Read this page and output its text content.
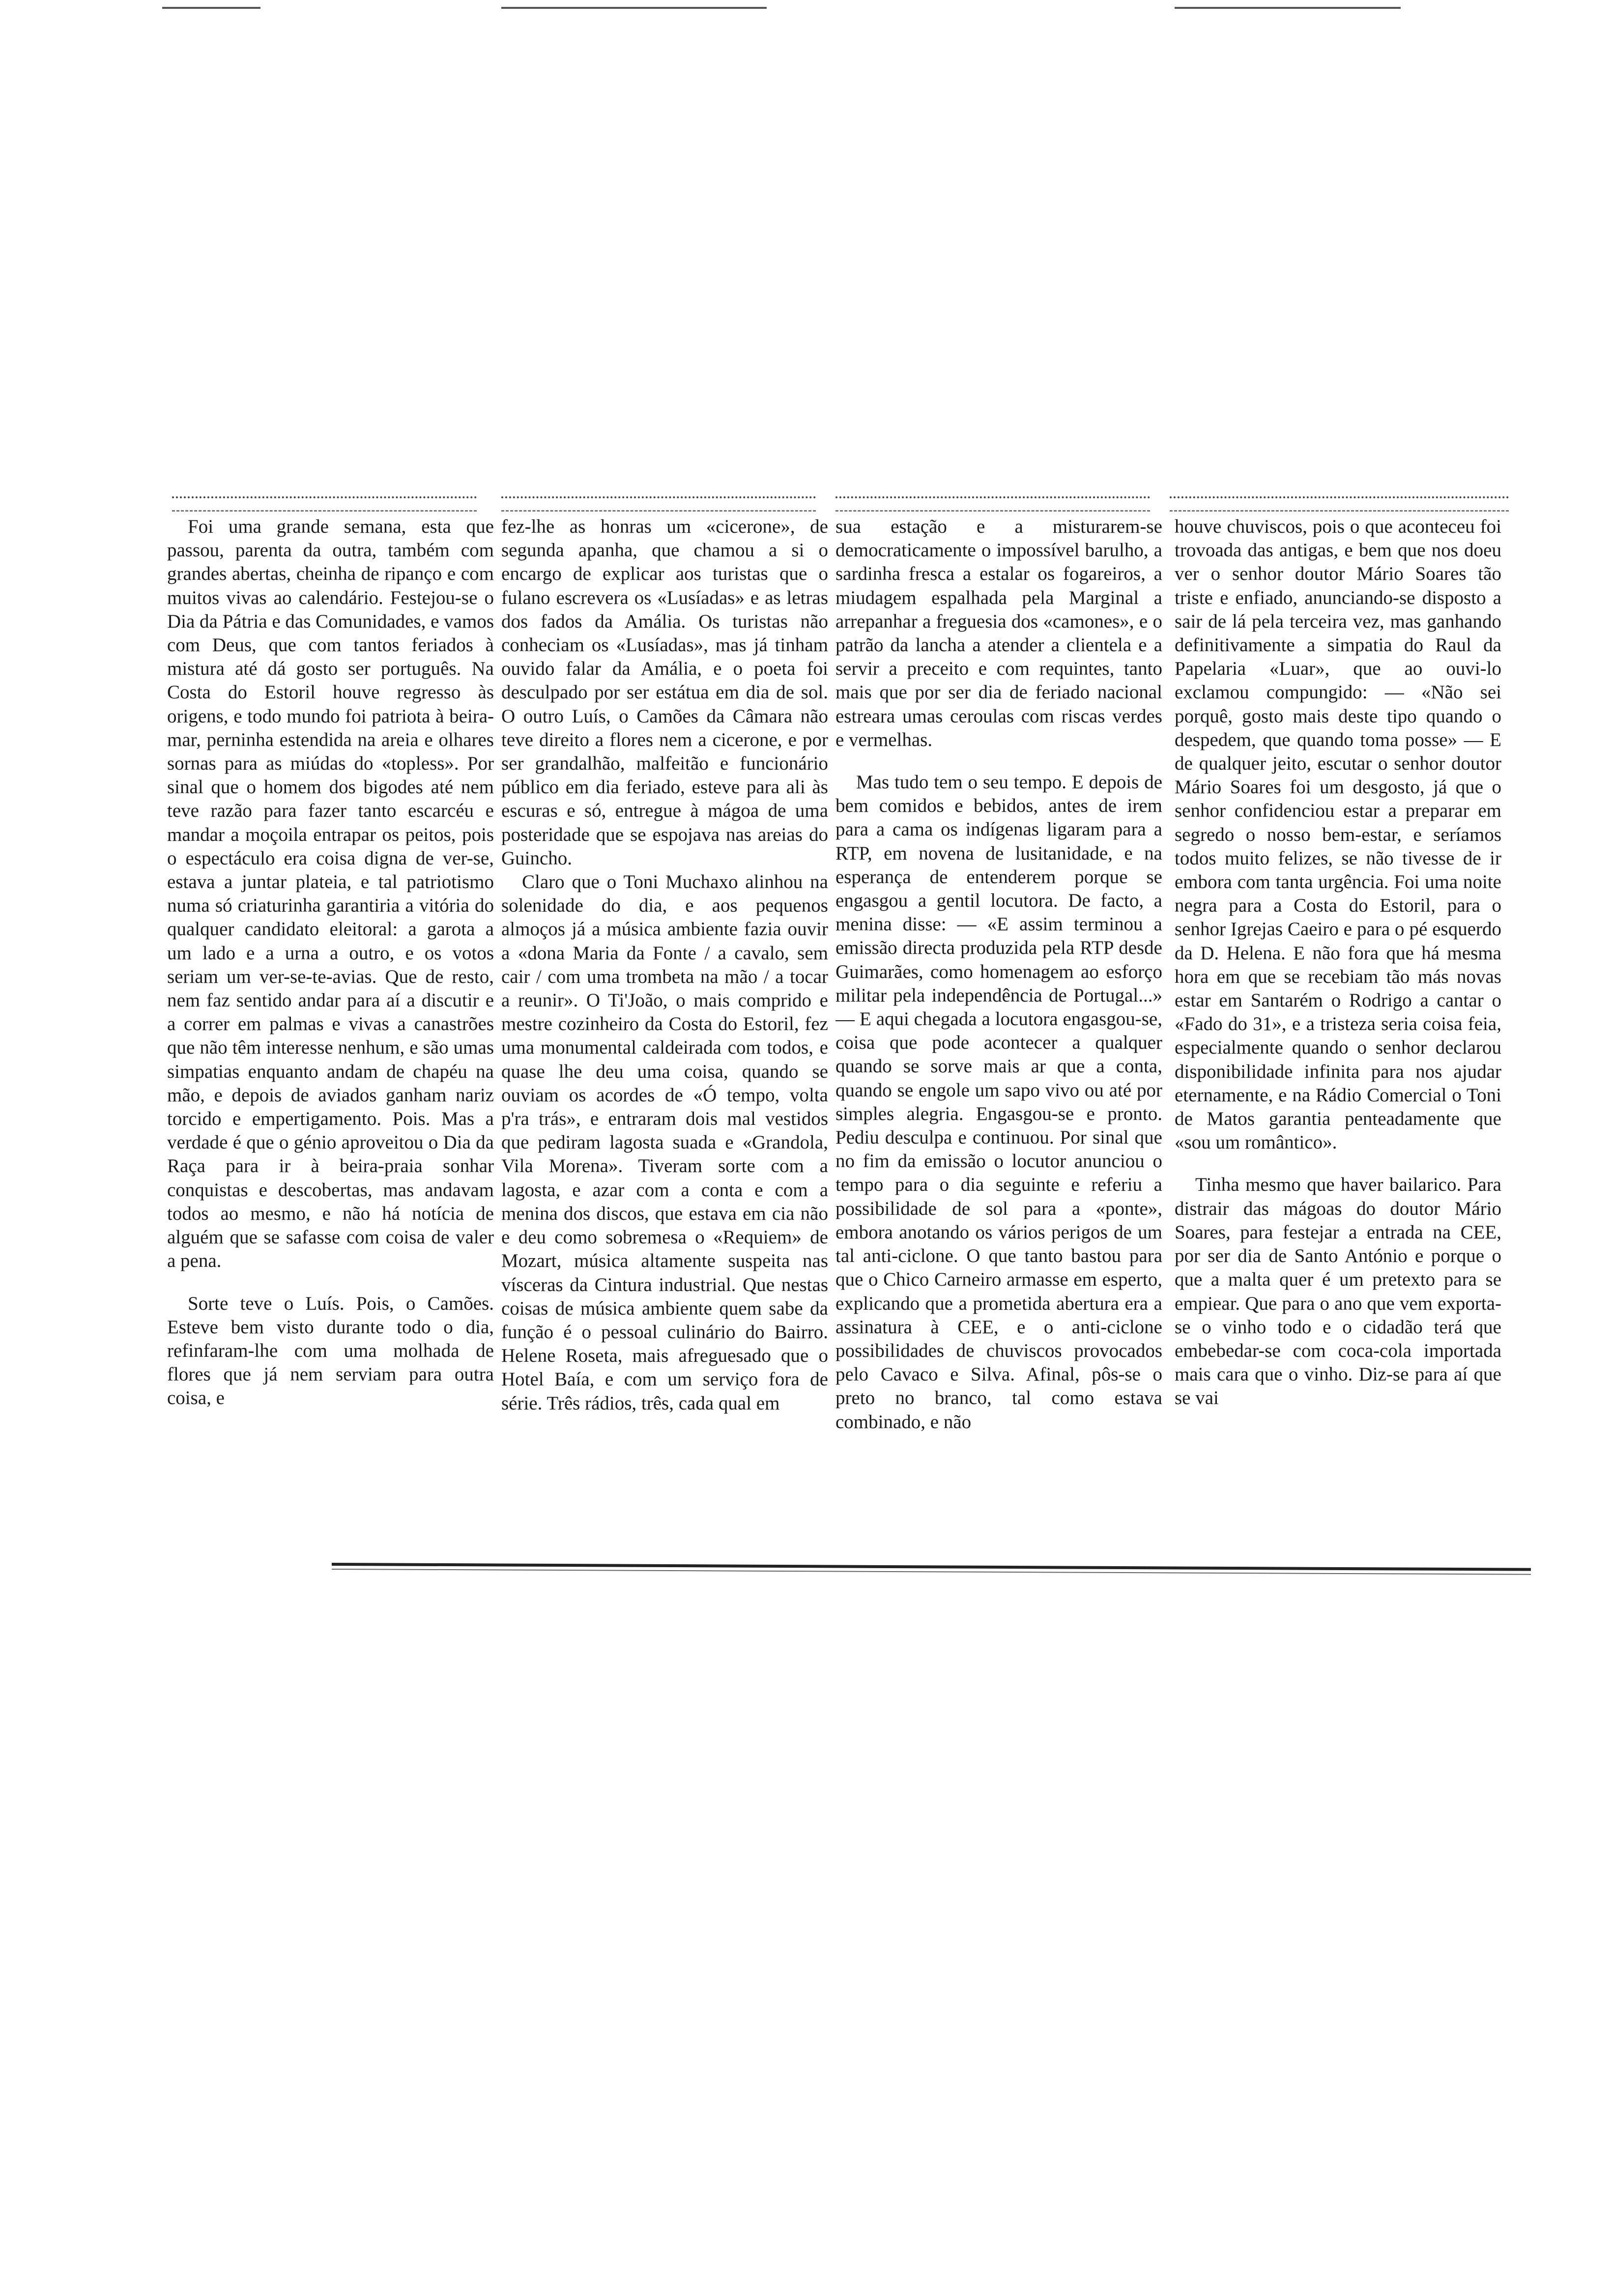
Foi uma grande semana, esta que passou, parenta da outra, também com grandes abertas, cheinha de ripanço e com muitos vivas ao calendário. Festejou-se o Dia da Pátria e das Comunidades, e vamos com Deus, que com tantos feriados à mistura até dá gosto ser português. Na Costa do Estoril houve regresso às origens, e todo mundo foi patriota à beira-mar, perninha estendida na areia e olhares sornas para as miúdas do «topless». Por sinal que o homem dos bigodes até nem teve razão para fazer tanto escarcéu e mandar a moçoila entrapar os peitos, pois o espectáculo era coisa digna de ver-se, estava a juntar plateia, e tal patriotismo numa só criaturinha garantiria a vitória do qualquer candidato eleitoral: a garota a um lado e a urna a outro, e os votos seriam um ver-se-te-avias. Que de resto, nem faz sentido andar para aí a discutir e a correr em palmas e vivas a canastrões que não têm interesse nenhum, e são umas simpatias enquanto andam de chapéu na mão, e depois de aviados ganham nariz torcido e empertigamento. Pois. Mas a verdade é que o génio aproveitou o Dia da Raça para ir à beira-praia sonhar conquistas e descobertas, mas andavam todos ao mesmo, e não há notícia de alguém que se safasse com coisa de valer a pena.

Sorte teve o Luís. Pois, o Camões. Esteve bem visto durante todo o dia, refinfaram-lhe com uma molhada de flores que já nem serviam para outra coisa, e

fez-lhe as honras um «cicerone», de segunda apanha, que chamou a si o encargo de explicar aos turistas que o fulano escrevera os «Lusíadas» e as letras dos fados da Amália. Os turistas não conheciam os «Lusíadas», mas já tinham ouvido falar da Amália, e o poeta foi desculpado por ser estátua em dia de sol. O outro Luís, o Camões da Câmara não teve direito a flores nem a cicerone, e por ser grandalhão, malfeitão e funcionário público em dia feriado, esteve para ali às escuras e só, entregue à mágoa de uma posteridade que se espojava nas areias do Guincho.

Claro que o Toni Muchaxo alinhou na solenidade do dia, e aos pequenos almoços já a música ambiente fazia ouvir a «dona Maria da Fonte / a cavalo, sem cair / com uma trombeta na mão / a tocar a reunir». O Ti'João, o mais comprido e mestre cozinheiro da Costa do Estoril, fez uma monumental caldeirada com todos, e quase lhe deu uma coisa, quando se ouviam os acordes de «Ó tempo, volta p'ra trás», e entraram dois mal vestidos que pediram lagosta suada e «Grandola, Vila Morena». Tiveram sorte com a lagosta, e azar com a conta e com a menina dos discos, que estava em cia não e deu como sobremesa o «Requiem» de Mozart, música altamente suspeita nas vísceras da Cintura industrial. Que nestas coisas de música ambiente quem sabe da função é o pessoal culinário do Bairro. Helene Roseta, mais afreguesado que o Hotel Baía, e com um serviço fora de série. Três rádios, três, cada qual em

sua estação e a misturarem-se democraticamente o impossível barulho, a sardinha fresca a estalar os fogareiros, a miudagem espalhada pela Marginal a arrepanhar a freguesia dos «camones», e o patrão da lancha a atender a clientela e a servir a preceito e com requintes, tanto mais que por ser dia de feriado nacional estreara umas ceroulas com riscas verdes e vermelhas.

Mas tudo tem o seu tempo. E depois de bem comidos e bebidos, antes de irem para a cama os indígenas ligaram para a RTP, em novena de lusitanidade, e na esperança de entenderem porque se engasgou a gentil locutora. De facto, a menina disse: — «E assim terminou a emissão directa produzida pela RTP desde Guimarães, como homenagem ao esforço militar pela independência de Portugal...» — E aqui chegada a locutora engasgou-se, coisa que pode acontecer a qualquer quando se sorve mais ar que a conta, quando se engole um sapo vivo ou até por simples alegria. Engasgou-se e pronto. Pediu desculpa e continuou. Por sinal que no fim da emissão o locutor anunciou o tempo para o dia seguinte e referiu a possibilidade de sol para a «ponte», embora anotando os vários perigos de um tal anti-ciclone. O que tanto bastou para que o Chico Carneiro armasse em esperto, explicando que a prometida abertura era a assinatura à CEE, e o anti-ciclone possibilidades de chuviscos provocados pelo Cavaco e Silva. Afinal, pôs-se o preto no branco, tal como estava combinado, e não

houve chuviscos, pois o que aconteceu foi trovoada das antigas, e bem que nos doeu ver o senhor doutor Mário Soares tão triste e enfiado, anunciando-se disposto a sair de lá pela terceira vez, mas ganhando definitivamente a simpatia do Raul da Papelaria «Luar», que ao ouvi-lo exclamou compungido: — «Não sei porquê, gosto mais deste tipo quando o despedem, que quando toma posse» — E de qualquer jeito, escutar o senhor doutor Mário Soares foi um desgosto, já que o senhor confidenciou estar a preparar em segredo o nosso bem-estar, e seríamos todos muito felizes, se não tivesse de ir embora com tanta urgência. Foi uma noite negra para a Costa do Estoril, para o senhor Igrejas Caeiro e para o pé esquerdo da D. Helena. E não fora que há mesma hora em que se recebiam tão más novas estar em Santarém o Rodrigo a cantar o «Fado do 31», e a tristeza seria coisa feia, especialmente quando o senhor declarou disponibilidade infinita para nos ajudar eternamente, e na Rádio Comercial o Toni de Matos garantia penteadamente que «sou um romântico».

Tinha mesmo que haver bailarico. Para distrair das mágoas do doutor Mário Soares, para festejar a entrada na CEE, por ser dia de Santo António e porque o que a malta quer é um pretexto para se empiear. Que para o ano que vem exporta-se o vinho todo e o cidadão terá que embebedar-se com coca-cola importada mais cara que o vinho. Diz-se para aí que se vai
